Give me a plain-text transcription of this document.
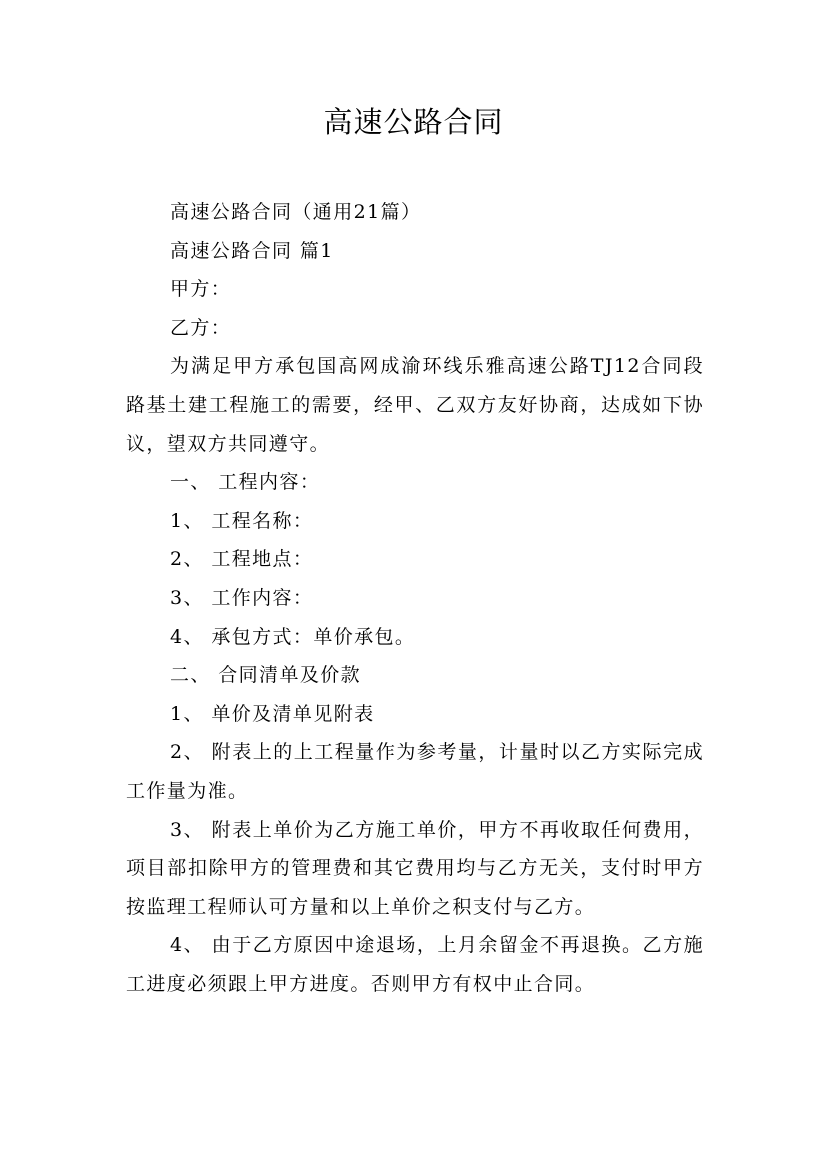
高速公路合同

高速公路合同（通用21篇）

高速公路合同 篇1

甲方：

乙方：

为满足甲方承包国高网成渝环线乐雅高速公路TJ12合同段路基土建工程施工的需要，经甲、乙双方友好协商，达成如下协议，望双方共同遵守。

一、 工程内容：

1、 工程名称：

2、 工程地点：

3、 工作内容：

4、 承包方式：单价承包。

二、 合同清单及价款

1、 单价及清单见附表

2、 附表上的上工程量作为参考量，计量时以乙方实际完成工作量为准。

3、 附表上单价为乙方施工单价，甲方不再收取任何费用，项目部扣除甲方的管理费和其它费用均与乙方无关，支付时甲方按监理工程师认可方量和以上单价之积支付与乙方。

4、 由于乙方原因中途退场，上月余留金不再退换。乙方施工进度必须跟上甲方进度。否则甲方有权中止合同。
